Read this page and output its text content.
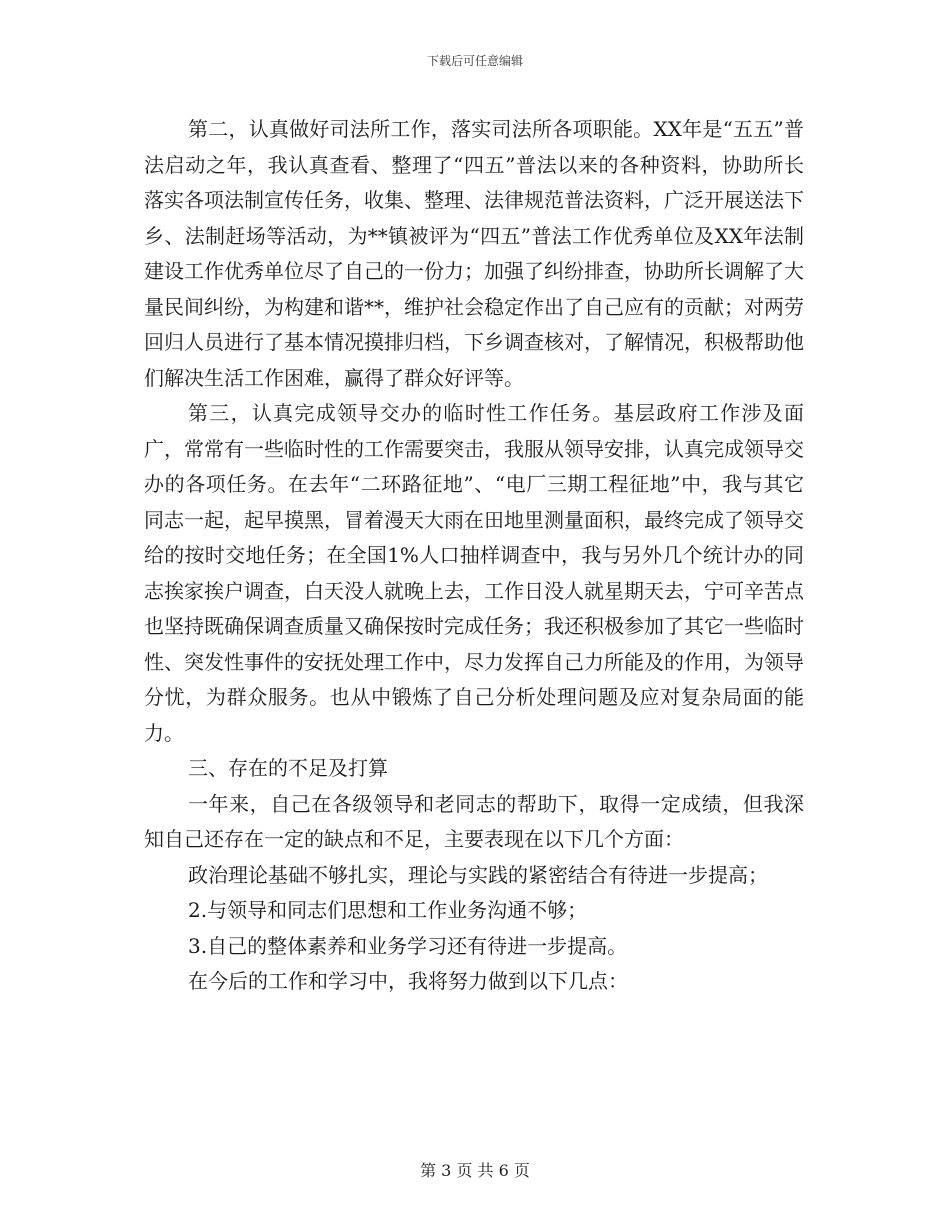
下载后可任意编辑

第二，认真做好司法所工作，落实司法所各项职能。XX年是“五五”普法启动之年，我认真查看、整理了“四五”普法以来的各种资料，协助所长落实各项法制宣传任务，收集、整理、法律规范普法资料，广泛开展送法下乡、法制赶场等活动，为**镇被评为“四五”普法工作优秀单位及XX年法制建设工作优秀单位尽了自己的一份力；加强了纠纷排查，协助所长调解了大量民间纠纷，为构建和谐**，维护社会稳定作出了自己应有的贡献；对两劳回归人员进行了基本情况摸排归档，下乡调查核对，了解情况，积极帮助他们解决生活工作困难，赢得了群众好评等。

第三，认真完成领导交办的临时性工作任务。基层政府工作涉及面广，常常有一些临时性的工作需要突击，我服从领导安排，认真完成领导交办的各项任务。在去年“二环路征地”、“电厂三期工程征地”中，我与其它同志一起，起早摸黑，冒着漫天大雨在田地里测量面积，最终完成了领导交给的按时交地任务；在全国1%人口抽样调查中，我与另外几个统计办的同志挨家挨户调查，白天没人就晚上去，工作日没人就星期天去，宁可辛苦点也坚持既确保调查质量又确保按时完成任务；我还积极参加了其它一些临时性、突发性事件的安抚处理工作中，尽力发挥自己力所能及的作用，为领导分忧，为群众服务。也从中锻炼了自己分析处理问题及应对复杂局面的能力。

三、存在的不足及打算

一年来，自己在各级领导和老同志的帮助下，取得一定成绩，但我深知自己还存在一定的缺点和不足，主要表现在以下几个方面：

政治理论基础不够扎实，理论与实践的紧密结合有待进一步提高；

2.与领导和同志们思想和工作业务沟通不够；

3.自己的整体素养和业务学习还有待进一步提高。

在今后的工作和学习中，我将努力做到以下几点：

第 3 页 共 6 页
